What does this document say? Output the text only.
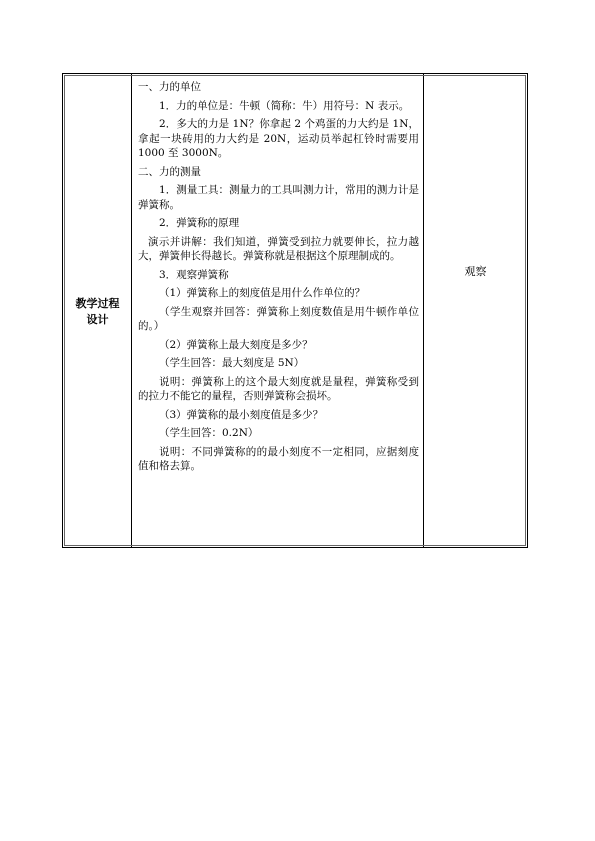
教学过程
设计

一、力的单位

1．力的单位是：牛顿（简称：牛）用符号：N 表示。

2．多大的力是 1N？你拿起 2 个鸡蛋的力大约是 1N，拿起一块砖用的力大约是 20N，运动员举起杠铃时需要用 1000 至 3000N。

二、力的测量

1．测量工具：测量力的工具叫测力计，常用的测力计是弹簧称。

2．弹簧称的原理

演示并讲解：我们知道，弹簧受到拉力就要伸长，拉力越大，弹簧伸长得越长。弹簧称就是根据这个原理制成的。

3．观察弹簧称

（1）弹簧称上的刻度值是用什么作单位的？

（学生观察并回答：弹簧称上刻度数值是用牛顿作单位的。）

（2）弹簧称上最大刻度是多少？

（学生回答：最大刻度是 5N）

说明：弹簧称上的这个最大刻度就是量程，弹簧称受到的拉力不能它的量程，否则弹簧称会损坏。

（3）弹簧称的最小刻度值是多少？

（学生回答：0.2N）

说明：不同弹簧称的的最小刻度不一定相同，应据刻度值和格去算。

观察
